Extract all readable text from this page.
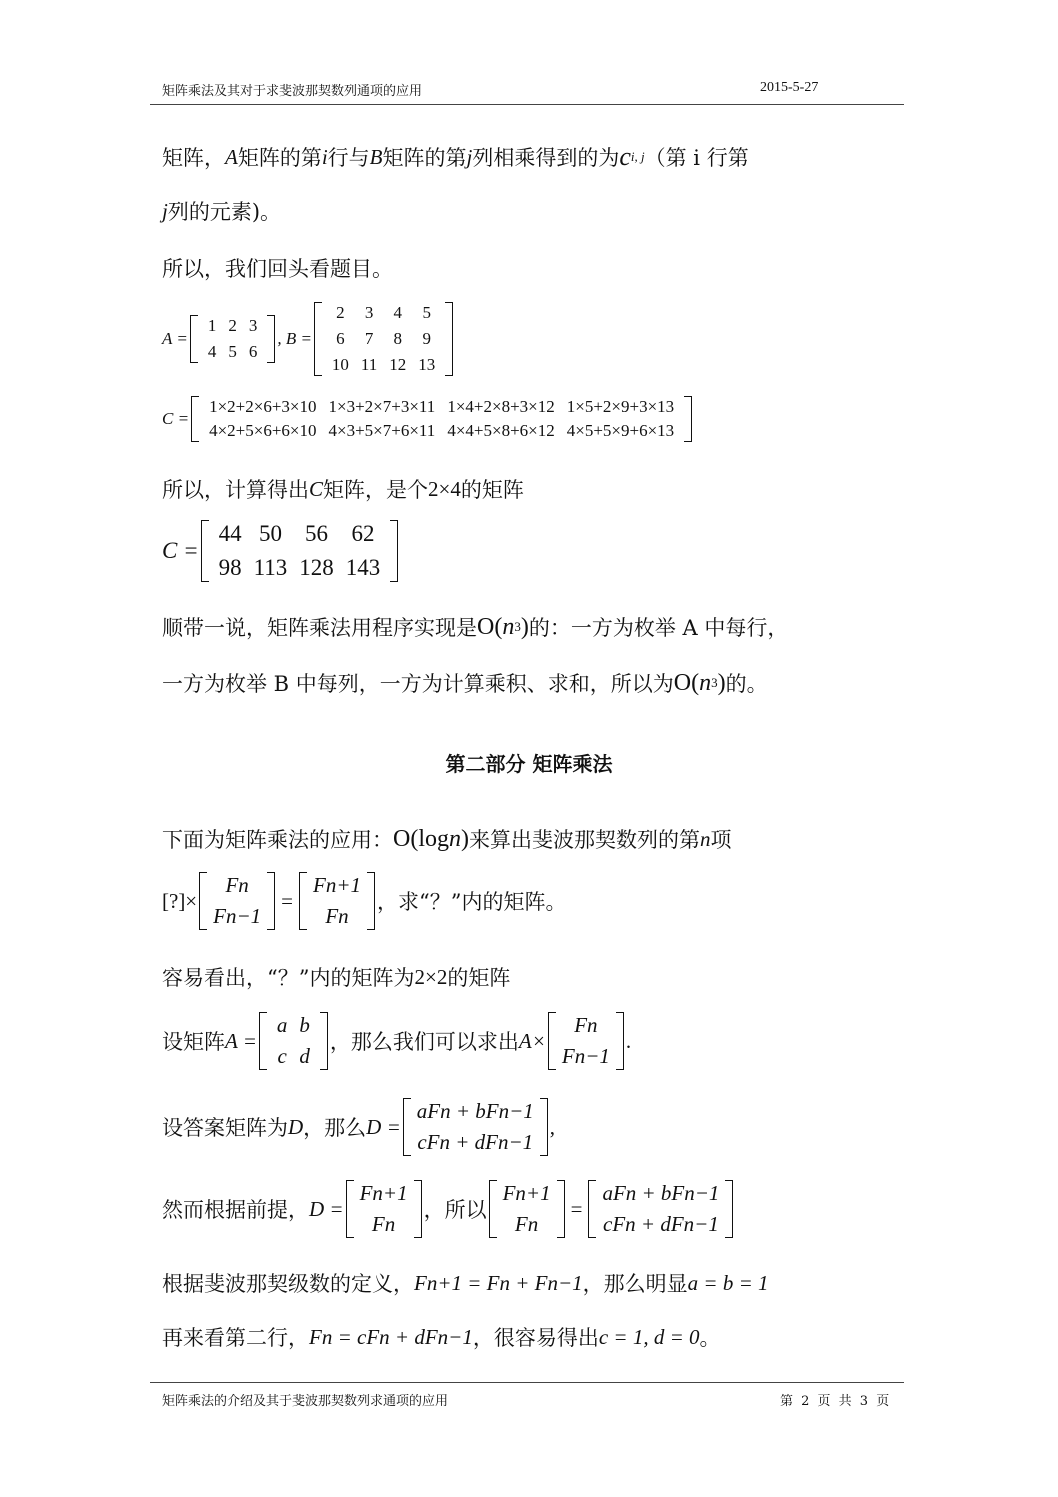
矩阵乘法及其对于求斐波那契数列通项的应用	2015-5-27
矩阵， A 矩阵的第 i 行与 B 矩阵的第 j 列相乘得到的为 c i, j （第 i 行第
j 列的元素)。
所以，我们回头看题目。
A =
1 2 3
4 5 6
, B =
2	3	4	5
6	7	8	9
10 11 12 13
C =
1×2+2×6+3×10 1×3+2×7+3×11 1×4+2×8+3×12 1×5+2×9+3×13
4×2+5×6+6×10 4×3+5×7+6×11 4×4+5×8+6×12 4×5+5×9+6×13
所以，计算得出 C 矩阵，是个 2×4 的矩阵
C =
44 50 56 62
98 113 128 143
顺带一说，矩阵乘法用程序实现是 O( n 3 ) 的：一方为枚举 A 中每行，
一方为枚举 B 中每列，一方为计算乘积、求和，所以为 O( n 3 ) 的。
第二部分 矩阵乘法
下面为矩阵乘法的应用： O(log n ) 来算出斐波那契数列的第 n 项
[?]×
Fn
Fn−1
=
Fn+1
Fn
，求“？”内的矩阵。
容易看出，“？”内的矩阵为 2×2 的矩阵
设矩阵 A =
a b
c d
，那么我们可以求出 A×
Fn
Fn−1
.
设答案矩阵为 D ，那么 D =
aFn + bFn−1
cFn + dFn−1
,
然而根据前提， D =
Fn+1
Fn
，所以
Fn+1
Fn
=
aFn + bFn−1
cFn + dFn−1
根据斐波那契级数的定义， Fn+1 = Fn + Fn−1 ，那么明显 a = b = 1
再来看第二行， Fn = cFn + dFn−1 ，很容易得出 c = 1, d = 0 。
矩阵乘法的介绍及其于斐波那契数列求通项的应用	第 2 页 共 3 页
